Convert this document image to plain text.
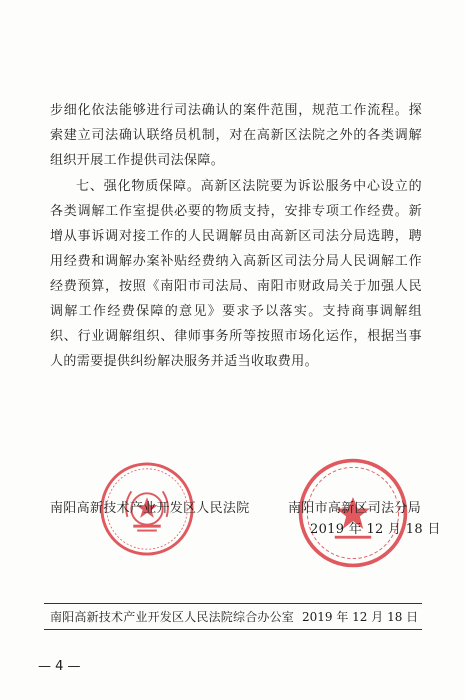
步细化依法能够进行司法确认的案件范围，规范工作流程。探索建立司法确认联络员机制，对在高新区法院之外的各类调解组织开展工作提供司法保障。

七、强化物质保障。高新区法院要为诉讼服务中心设立的各类调解工作室提供必要的物质支持，安排专项工作经费。新增从事诉调对接工作的人民调解员由高新区司法分局选聘，聘用经费和调解办案补贴经费纳入高新区司法分局人民调解工作经费预算，按照《南阳市司法局、南阳市财政局关于加强人民调解工作经费保障的意见》要求予以落实。支持商事调解组织、行业调解组织、律师事务所等按照市场化运作，根据当事人的需要提供纠纷解决服务并适当收取费用。

南阳高新技术产业开发区人民法院	南阳市高新区司法分局
2019 年 12 月 18 日
南阳高新技术产业开发区人民法院综合办公室 2019 年 12 月 18 日
— 4 —
